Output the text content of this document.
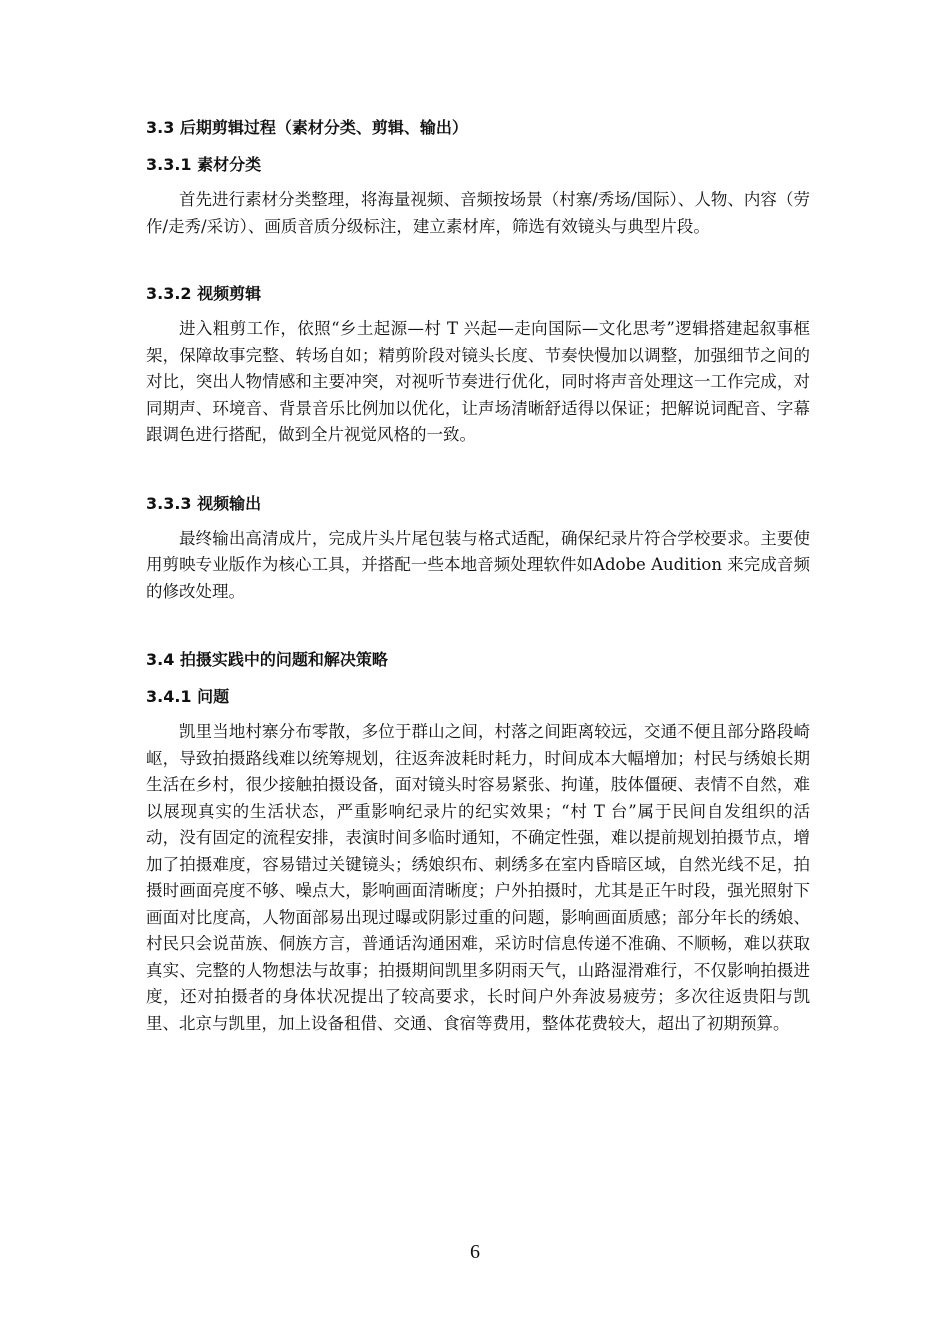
3.3 后期剪辑过程（素材分类、剪辑、输出）
3.3.1 素材分类

首先进行素材分类整理，将海量视频、音频按场景（村寨/秀场/国际）、人物、内容（劳作/走秀/采访）、画质音质分级标注，建立素材库，筛选有效镜头与典型片段。

3.3.2 视频剪辑

进入粗剪工作，依照“乡土起源—村 T 兴起—走向国际—文化思考”逻辑搭建起叙事框架，保障故事完整、转场自如；精剪阶段对镜头长度、节奏快慢加以调整，加强细节之间的对比，突出人物情感和主要冲突，对视听节奏进行优化，同时将声音处理这一工作完成，对同期声、环境音、背景音乐比例加以优化，让声场清晰舒适得以保证；把解说词配音、字幕跟调色进行搭配，做到全片视觉风格的一致。

3.3.3 视频输出

最终输出高清成片，完成片头片尾包装与格式适配，确保纪录片符合学校要求。主要使用剪映专业版作为核心工具，并搭配一些本地音频处理软件如Adobe Audition 来完成音频的修改处理。

3.4 拍摄实践中的问题和解决策略
3.4.1 问题

凯里当地村寨分布零散，多位于群山之间，村落之间距离较远，交通不便且部分路段崎岖，导致拍摄路线难以统筹规划，往返奔波耗时耗力，时间成本大幅增加；村民与绣娘长期生活在乡村，很少接触拍摄设备，面对镜头时容易紧张、拘谨，肢体僵硬、表情不自然，难以展现真实的生活状态，严重影响纪录片的纪实效果；“村 T 台”属于民间自发组织的活动，没有固定的流程安排，表演时间多临时通知，不确定性强，难以提前规划拍摄节点，增加了拍摄难度，容易错过关键镜头；绣娘织布、刺绣多在室内昏暗区域，自然光线不足，拍摄时画面亮度不够、噪点大，影响画面清晰度；户外拍摄时，尤其是正午时段，强光照射下画面对比度高，人物面部易出现过曝或阴影过重的问题，影响画面质感；部分年长的绣娘、村民只会说苗族、侗族方言，普通话沟通困难，采访时信息传递不准确、不顺畅，难以获取真实、完整的人物想法与故事；拍摄期间凯里多阴雨天气，山路湿滑难行，不仅影响拍摄进度，还对拍摄者的身体状况提出了较高要求，长时间户外奔波易疲劳；多次往返贵阳与凯里、北京与凯里，加上设备租借、交通、食宿等费用，整体花费较大，超出了初期预算。

6
